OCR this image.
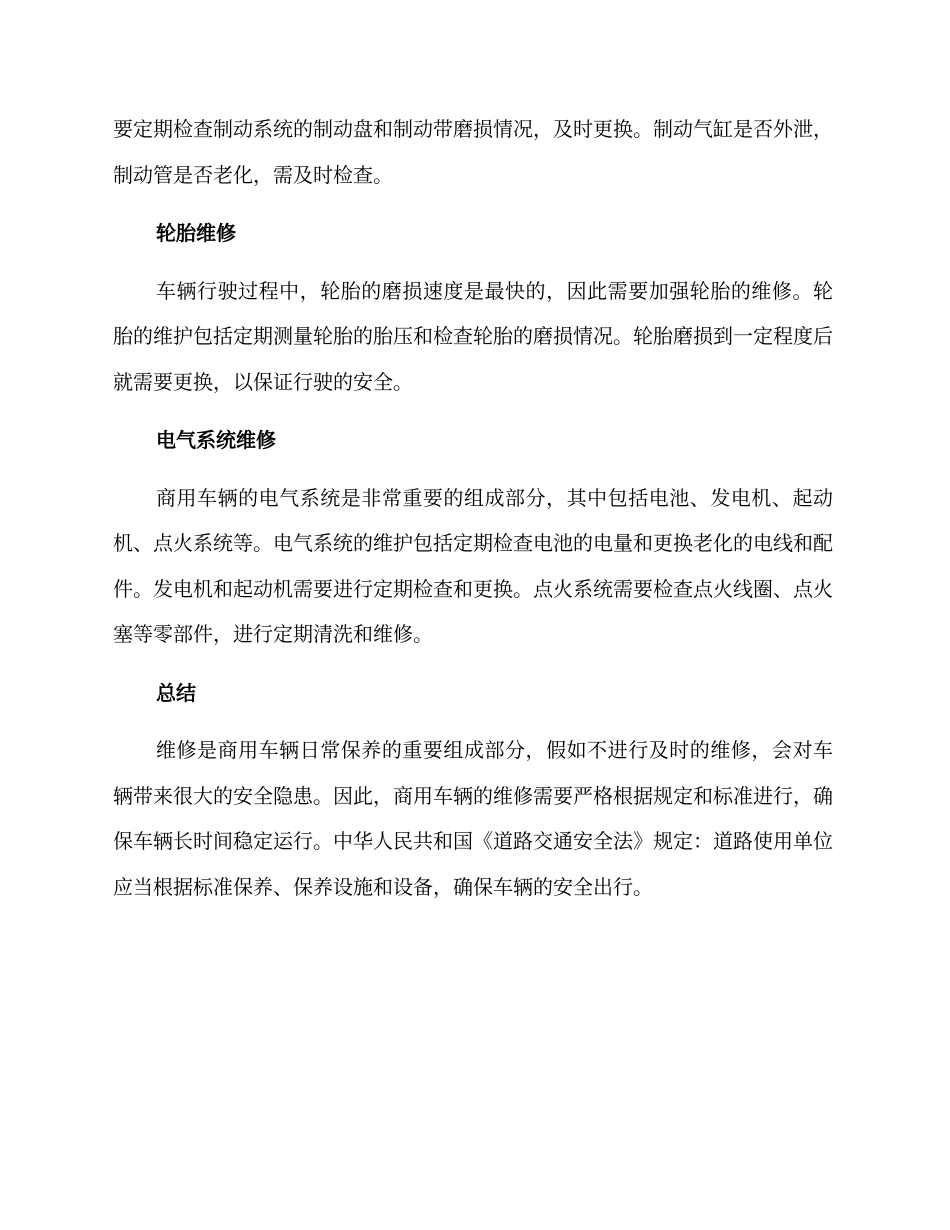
要定期检查制动系统的制动盘和制动带磨损情况，及时更换。制动气缸是否外泄，制动管是否老化，需及时检查。

轮胎维修

车辆行驶过程中，轮胎的磨损速度是最快的，因此需要加强轮胎的维修。轮胎的维护包括定期测量轮胎的胎压和检查轮胎的磨损情况。轮胎磨损到一定程度后就需要更换，以保证行驶的安全。

电气系统维修

商用车辆的电气系统是非常重要的组成部分，其中包括电池、发电机、起动机、点火系统等。电气系统的维护包括定期检查电池的电量和更换老化的电线和配件。发电机和起动机需要进行定期检查和更换。点火系统需要检查点火线圈、点火塞等零部件，进行定期清洗和维修。

总结

维修是商用车辆日常保养的重要组成部分，假如不进行及时的维修，会对车辆带来很大的安全隐患。因此，商用车辆的维修需要严格根据规定和标准进行，确保车辆长时间稳定运行。中华人民共和国《道路交通安全法》规定：道路使用单位应当根据标准保养、保养设施和设备，确保车辆的安全出行。
